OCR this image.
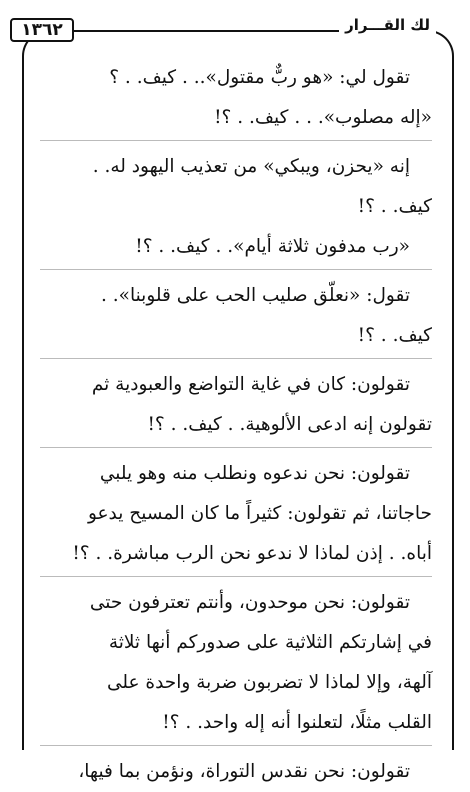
١٣٦٢	لك القـــرار
تقول لي: «هو ربٌّ مقتول».. . كيف. . ؟
«إله مصلوب». . . كيف. . ؟!
إنه «يحزن، ويبكي» من تعذيب اليهود له. .
كيف. . ؟!
«رب مدفون ثلاثة أيام». . كيف. . ؟!
تقول: «نعلّق صليب الحب على قلوبنا». .
كيف. . ؟!
تقولون: كان في غاية التواضع والعبودية ثم
تقولون إنه ادعى الألوهية. . كيف. . ؟!
تقولون: نحن ندعوه ونطلب منه وهو يلبي
حاجاتنا، ثم تقولون: كثيراً ما كان المسيح يدعو
أباه. . إذن لماذا لا ندعو نحن الرب مباشرة. . ؟!
تقولون: نحن موحدون، وأنتم تعترفون حتى
في إشارتكم الثلاثية على صدوركم أنها ثلاثة
آلهة، وإلا لماذا لا تضربون ضربة واحدة على
القلب مثلًا، لتعلنوا أنه إله واحد. . ؟!
تقولون: نحن نقدس التوراة، ونؤمن بما فيها،
